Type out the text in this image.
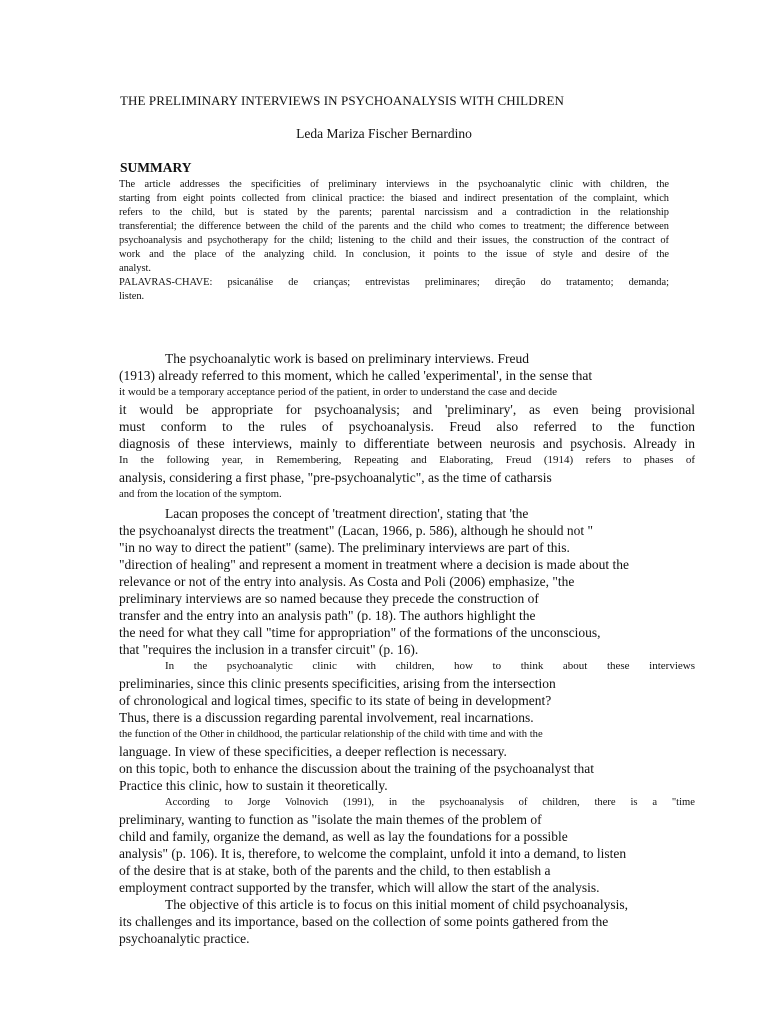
THE PRELIMINARY INTERVIEWS IN PSYCHOANALYSIS WITH CHILDREN
Leda Mariza Fischer Bernardino
SUMMARY
The article addresses the specificities of preliminary interviews in the psychoanalytic clinic with children, the
starting from eight points collected from clinical practice: the biased and indirect presentation of the complaint, which
refers to the child, but is stated by the parents; parental narcissism and a contradiction in the relationship
transferential; the difference between the child of the parents and the child who comes to treatment; the difference between
psychoanalysis and psychotherapy for the child; listening to the child and their issues, the construction of the contract of
work and the place of the analyzing child. In conclusion, it points to the issue of style and desire of the
analyst.
PALAVRAS-CHAVE: psicanálise de crianças; entrevistas preliminares; direção do tratamento; demanda;
listen.
The psychoanalytic work is based on preliminary interviews. Freud
(1913) already referred to this moment, which he called 'experimental', in the sense that
it would be a temporary acceptance period of the patient, in order to understand the case and decide
it would be appropriate for psychoanalysis; and 'preliminary', as even being provisional
must conform to the rules of psychoanalysis. Freud also referred to the function
diagnosis of these interviews, mainly to differentiate between neurosis and psychosis. Already in
In the following year, in Remembering, Repeating and Elaborating, Freud (1914) refers to phases of
analysis, considering a first phase, "pre-psychoanalytic", as the time of catharsis
and from the location of the symptom.
Lacan proposes the concept of 'treatment direction', stating that 'the
the psychoanalyst directs the treatment" (Lacan, 1966, p. 586), although he should not "
"in no way to direct the patient" (same). The preliminary interviews are part of this.
"direction of healing" and represent a moment in treatment where a decision is made about the
relevance or not of the entry into analysis. As Costa and Poli (2006) emphasize, "the
preliminary interviews are so named because they precede the construction of
transfer and the entry into an analysis path" (p. 18). The authors highlight the
the need for what they call "time for appropriation" of the formations of the unconscious,
that "requires the inclusion in a transfer circuit" (p. 16).
In the psychoanalytic clinic with children, how to think about these interviews
preliminaries, since this clinic presents specificities, arising from the intersection
of chronological and logical times, specific to its state of being in development?
Thus, there is a discussion regarding parental involvement, real incarnations.
the function of the Other in childhood, the particular relationship of the child with time and with the
language. In view of these specificities, a deeper reflection is necessary.
on this topic, both to enhance the discussion about the training of the psychoanalyst that
Practice this clinic, how to sustain it theoretically.
According to Jorge Volnovich (1991), in the psychoanalysis of children, there is a "time
preliminary, wanting to function as "isolate the main themes of the problem of
child and family, organize the demand, as well as lay the foundations for a possible
analysis" (p. 106). It is, therefore, to welcome the complaint, unfold it into a demand, to listen
of the desire that is at stake, both of the parents and the child, to then establish a
employment contract supported by the transfer, which will allow the start of the analysis.
The objective of this article is to focus on this initial moment of child psychoanalysis,
its challenges and its importance, based on the collection of some points gathered from the
psychoanalytic practice.
